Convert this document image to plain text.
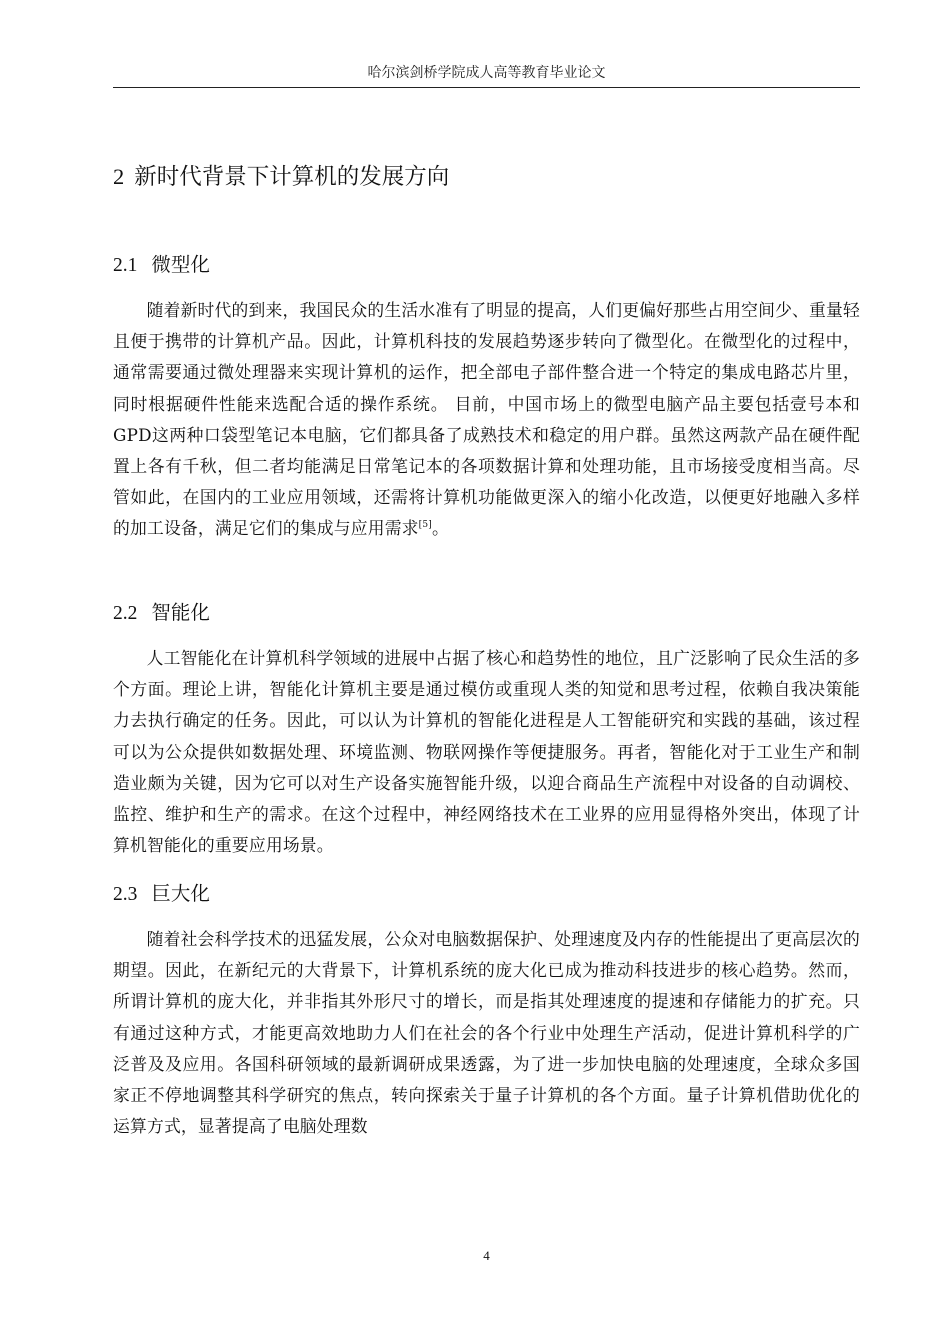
哈尔滨剑桥学院成人高等教育毕业论文
2 新时代背景下计算机的发展方向
2.1 微型化

随着新时代的到来，我国民众的生活水准有了明显的提高，人们更偏好那些占用空间少、重量轻且便于携带的计算机产品。因此，计算机科技的发展趋势逐步转向了微型化。在微型化的过程中，通常需要通过微处理器来实现计算机的运作，把全部电子部件整合进一个特定的集成电路芯片里，同时根据硬件性能来选配合适的操作系统。 目前，中国市场上的微型电脑产品主要包括壹号本和GPD这两种口袋型笔记本电脑，它们都具备了成熟技术和稳定的用户群。虽然这两款产品在硬件配置上各有千秋，但二者均能满足日常笔记本的各项数据计算和处理功能，且市场接受度相当高。尽管如此，在国内的工业应用领域，还需将计算机功能做更深入的缩小化改造，以便更好地融入多样的加工设备，满足它们的集成与应用需求[5]。

2.2 智能化

人工智能化在计算机科学领域的进展中占据了核心和趋势性的地位，且广泛影响了民众生活的多个方面。理论上讲，智能化计算机主要是通过模仿或重现人类的知觉和思考过程，依赖自我决策能力去执行确定的任务。因此，可以认为计算机的智能化进程是人工智能研究和实践的基础，该过程可以为公众提供如数据处理、环境监测、物联网操作等便捷服务。再者，智能化对于工业生产和制造业颇为关键，因为它可以对生产设备实施智能升级，以迎合商品生产流程中对设备的自动调校、监控、维护和生产的需求。在这个过程中，神经网络技术在工业界的应用显得格外突出，体现了计算机智能化的重要应用场景。

2.3 巨大化

随着社会科学技术的迅猛发展，公众对电脑数据保护、处理速度及内存的性能提出了更高层次的期望。因此，在新纪元的大背景下，计算机系统的庞大化已成为推动科技进步的核心趋势。然而，所谓计算机的庞大化，并非指其外形尺寸的增长，而是指其处理速度的提速和存储能力的扩充。只有通过这种方式，才能更高效地助力人们在社会的各个行业中处理生产活动，促进计算机科学的广泛普及及应用。各国科研领域的最新调研成果透露，为了进一步加快电脑的处理速度，全球众多国家正不停地调整其科学研究的焦点，转向探索关于量子计算机的各个方面。量子计算机借助优化的运算方式，显著提高了电脑处理数

4
